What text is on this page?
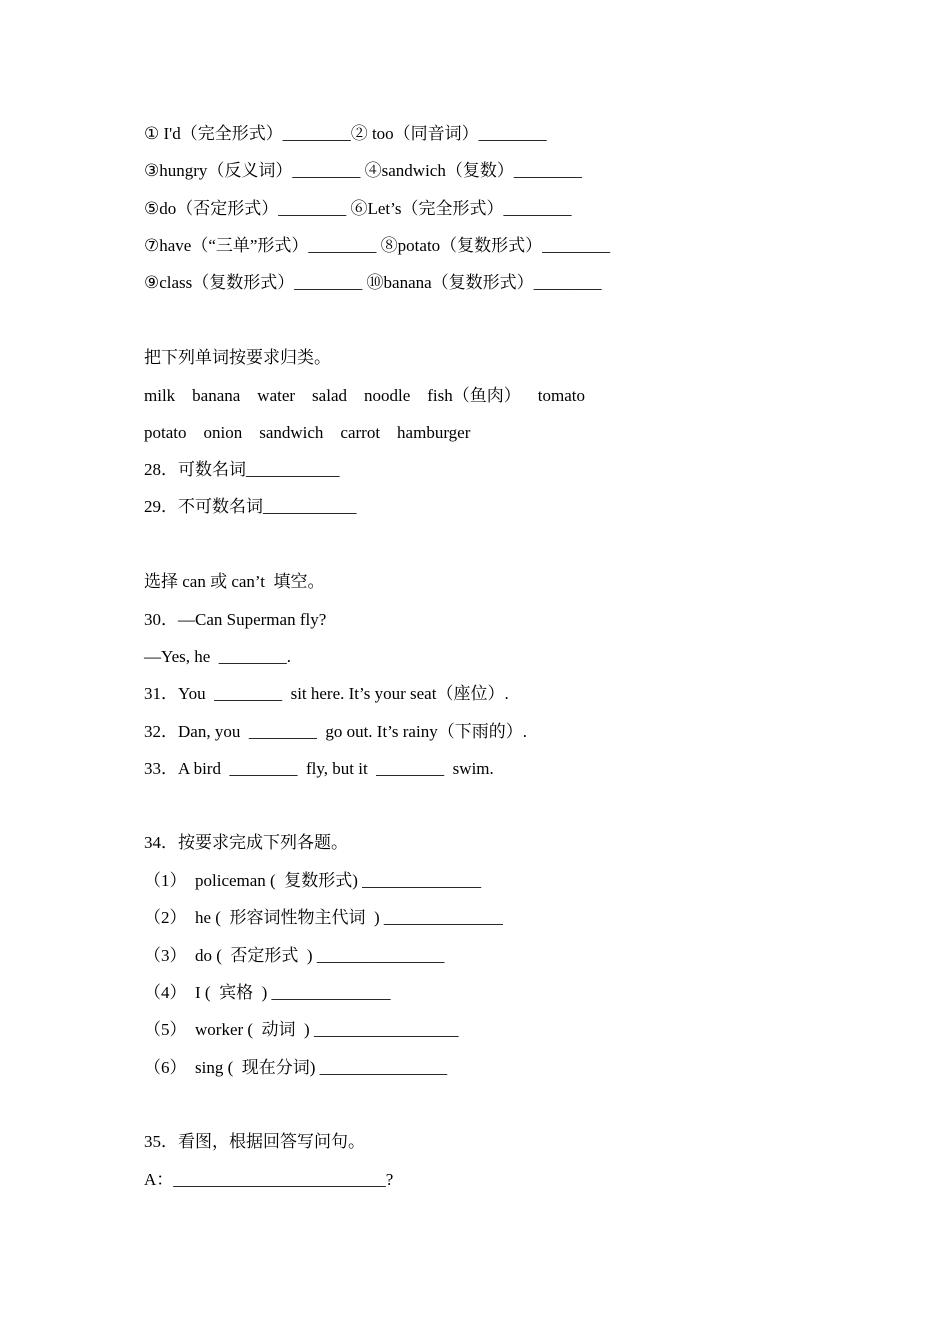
① I'd（完全形式）________② too（同音词）________
③hungry（反义词）________ ④sandwich（复数）________
⑤do（否定形式）________ ⑥Let’s（完全形式）________
⑦have（“三单”形式）________ ⑧potato（复数形式）________
⑨class（复数形式）________ ⑩banana（复数形式）________
把下列单词按要求归类。
milk    banana    water    salad    noodle    fish（鱼肉）    tomato
potato    onion    sandwich    carrot    hamburger
28．可数名词___________
29．不可数名词___________
选择 can 或 can’t  填空。
30．—Can Superman fly?
—Yes, he  ________.
31．You  ________  sit here. It’s your seat（座位）.
32．Dan, you  ________  go out. It’s rainy（下雨的）.
33．A bird  ________  fly, but it  ________  swim.
34．按要求完成下列各题。
（1）  policeman (  复数形式) ______________
（2）  he (  形容词性物主代词  ) ______________
（3）  do (  否定形式  ) _______________
（4）  I (  宾格  ) ______________
（5）  worker (  动词  ) _________________
（6）  sing (  现在分词) _______________
35．看图，根据回答写问句。
A：_________________________?
